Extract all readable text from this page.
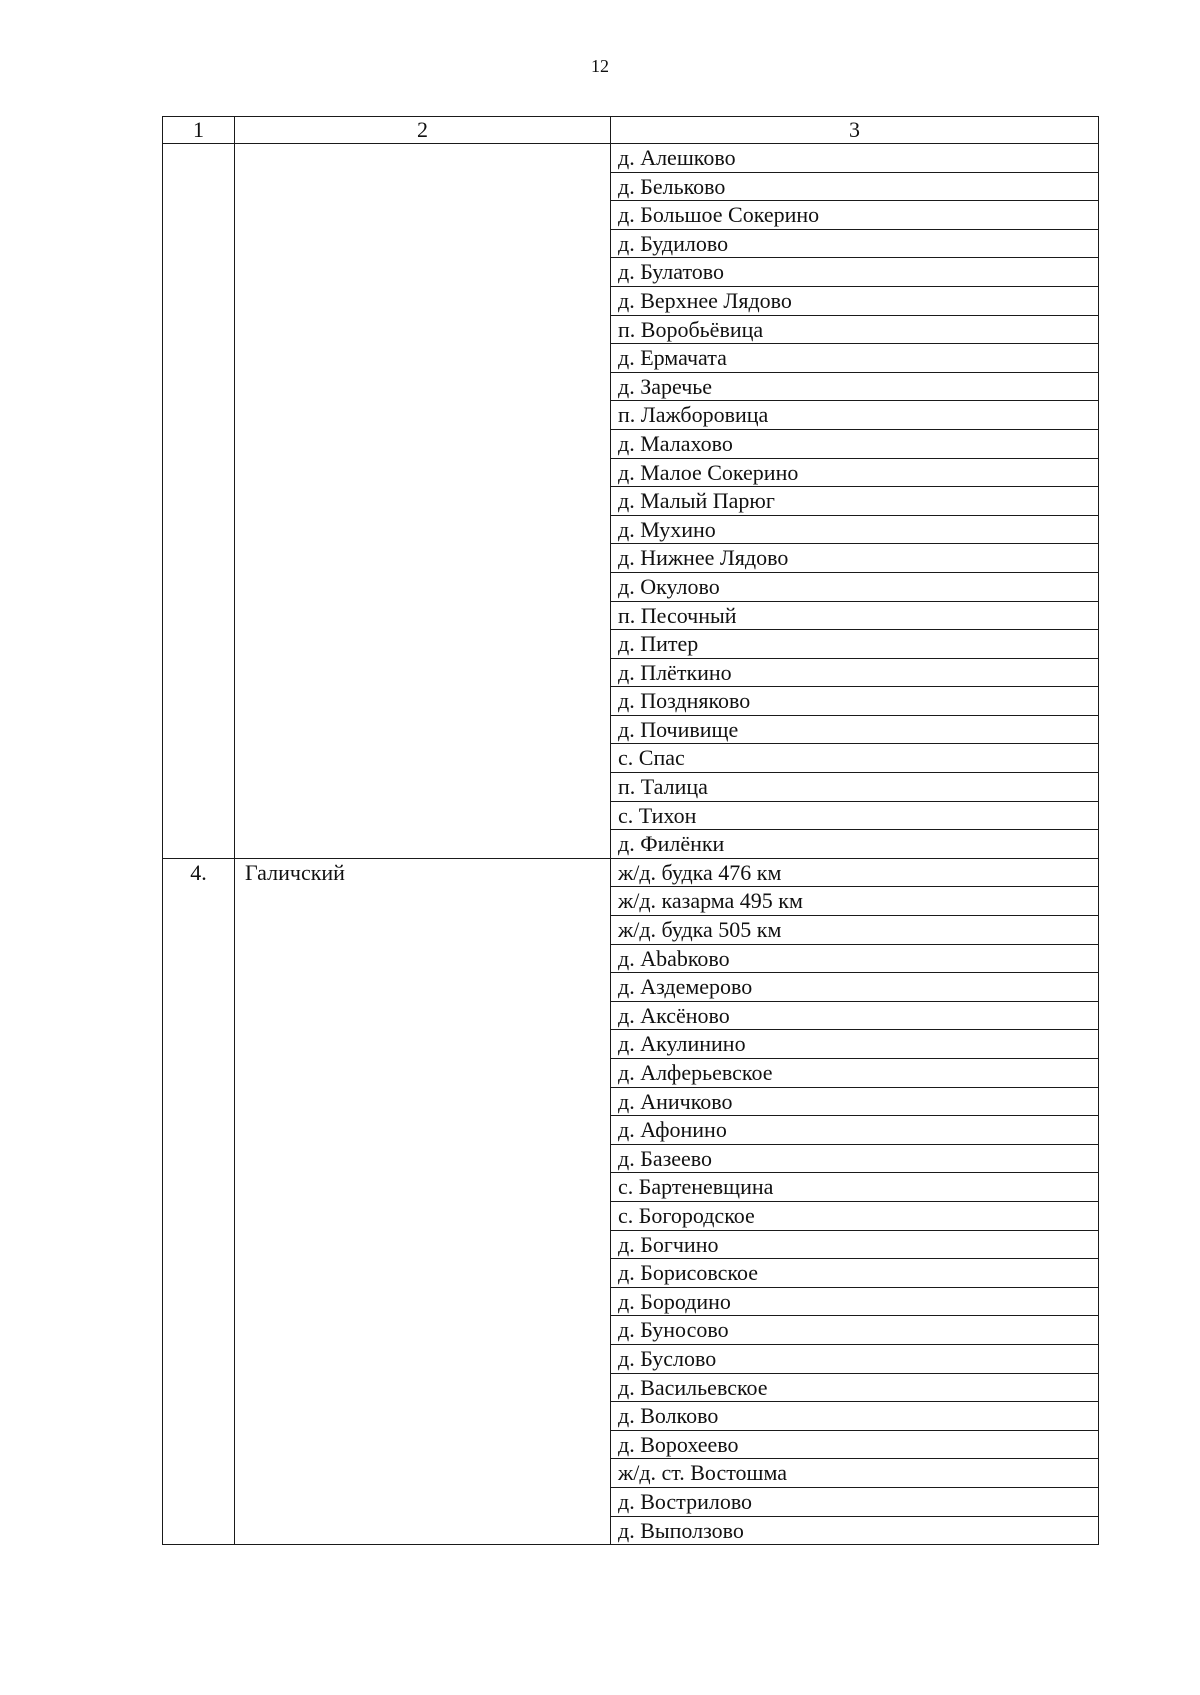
12
1	2	3
		д. Алешково
		д. Бельково
		д. Большое Сокерино
		д. Будилово
		д. Булатово
		д. Верхнее Лядово
		п. Воробьёвица
		д. Ермачата
		д. Заречье
		п. Лажборовица
		д. Малахово
		д. Малое Сокерино
		д. Малый Парюг
		д. Мухино
		д. Нижнее Лядово
		д. Окулово
		п. Песочный
		д. Питер
		д. Плёткино
		д. Поздняково
		д. Почивище
		с. Спас
		п. Талица
		с. Тихон
		д. Филёнки
4.	Галичский	ж/д. будка 476 км
		ж/д. казарма 495 км
		ж/д. будка 505 км
		д. Ababково
		д. Аздемерово
		д. Аксёново
		д. Акулинино
		д. Алферьевское
		д. Аничково
		д. Афонино
		д. Базеево
		с. Бартеневщина
		с. Богородское
		д. Богчино
		д. Борисовское
		д. Бородино
		д. Буносово
		д. Буслово
		д. Васильевское
		д. Волково
		д. Ворохеево
		ж/д. ст. Востошма
		д. Вострилово
		д. Выползово
